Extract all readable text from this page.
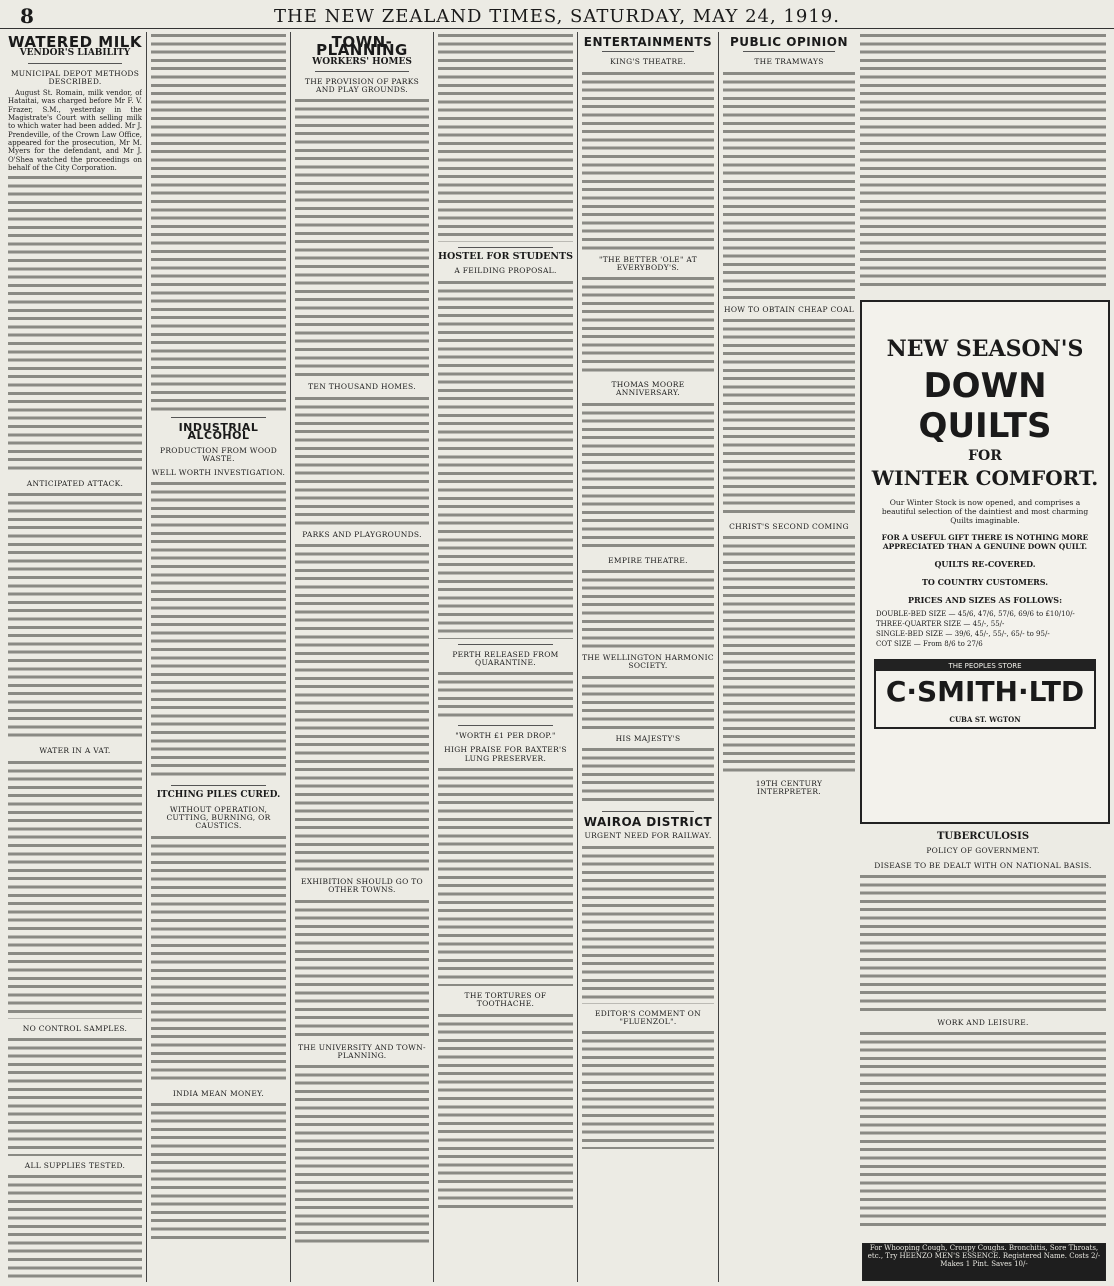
8	THE NEW ZEALAND TIMES, SATURDAY, MAY 24, 1919.
WATERED MILK
VENDOR'S LIABILITY
MUNICIPAL DEPOT METHODS DESCRIBED.

August St. Romain, milk vendor, of Hataitai, was charged before Mr F. V. Frazer, S.M., yesterday in the Magistrate's Court with selling milk to which water had been added. Mr J. Prendeville, of the Crown Law Office, appeared for the prosecution, Mr M. Myers for the defendant, and Mr J. O'Shea watched the proceedings on behalf of the City Corporation.

ANTICIPATED ATTACK.
WATER IN A VAT.
NO CONTROL SAMPLES.
ALL SUPPLIES TESTED.
INDUSTRIAL ALCOHOL
PRODUCTION FROM WOOD WASTE.
WELL WORTH INVESTIGATION.
ITCHING PILES CURED.
WITHOUT OPERATION, CUTTING, BURNING, OR CAUSTICS.
INDIA MEAN MONEY.
TOWN-PLANNING
WORKERS' HOMES
THE PROVISION OF PARKS AND PLAY GROUNDS.
TEN THOUSAND HOMES.
PARKS AND PLAYGROUNDS.
EXHIBITION SHOULD GO TO OTHER TOWNS.
THE UNIVERSITY AND TOWN-PLANNING.
HOSTEL FOR STUDENTS
A FEILDING PROPOSAL.
PERTH RELEASED FROM QUARANTINE.
"WORTH £1 PER DROP."
HIGH PRAISE FOR BAXTER'S LUNG PRESERVER.
THE TORTURES OF TOOTHACHE.
ENTERTAINMENTS
KING'S THEATRE.
"THE BETTER 'OLE" AT EVERYBODY'S.
THOMAS MOORE ANNIVERSARY.
EMPIRE THEATRE.
THE WELLINGTON HARMONIC SOCIETY.
HIS MAJESTY'S
WAIROA DISTRICT
URGENT NEED FOR RAILWAY.
EDITOR'S COMMENT ON "FLUENZOL".
PUBLIC OPINION
THE TRAMWAYS
HOW TO OBTAIN CHEAP COAL
CHRIST'S SECOND COMING
19TH CENTURY INTERPRETER.
NEW SEASON'S
DOWN QUILTS
FOR
WINTER COMFORT.
Our Winter Stock is now opened, and comprises a beautiful selection of the daintiest and most charming Quilts imaginable.
FOR A USEFUL GIFT THERE IS NOTHING MORE APPRECIATED THAN A GENUINE DOWN QUILT.
QUILTS RE-COVERED.
TO COUNTRY CUSTOMERS.
PRICES AND SIZES AS FOLLOWS:
DOUBLE-BED SIZE — 45/6, 47/6, 57/6, 69/6 to £10/10/-
THREE-QUARTER SIZE — 45/-, 55/-
SINGLE-BED SIZE — 39/6, 45/-, 55/-, 65/- to 95/-
COT SIZE — From 8/6 to 27/6
THE PEOPLES STORE
C·SMITH·LTD
CUBA ST. WGTON
TUBERCULOSIS
POLICY OF GOVERNMENT.
DISEASE TO BE DEALT WITH ON NATIONAL BASIS.
WORK AND LEISURE.
For Whooping Cough, Croupy Coughs. Bronchitis, Sore Throats, etc., Try HEENZO MEN'S ESSENCE. Registered Name. Costs 2/- Makes 1 Pint. Saves 10/-
